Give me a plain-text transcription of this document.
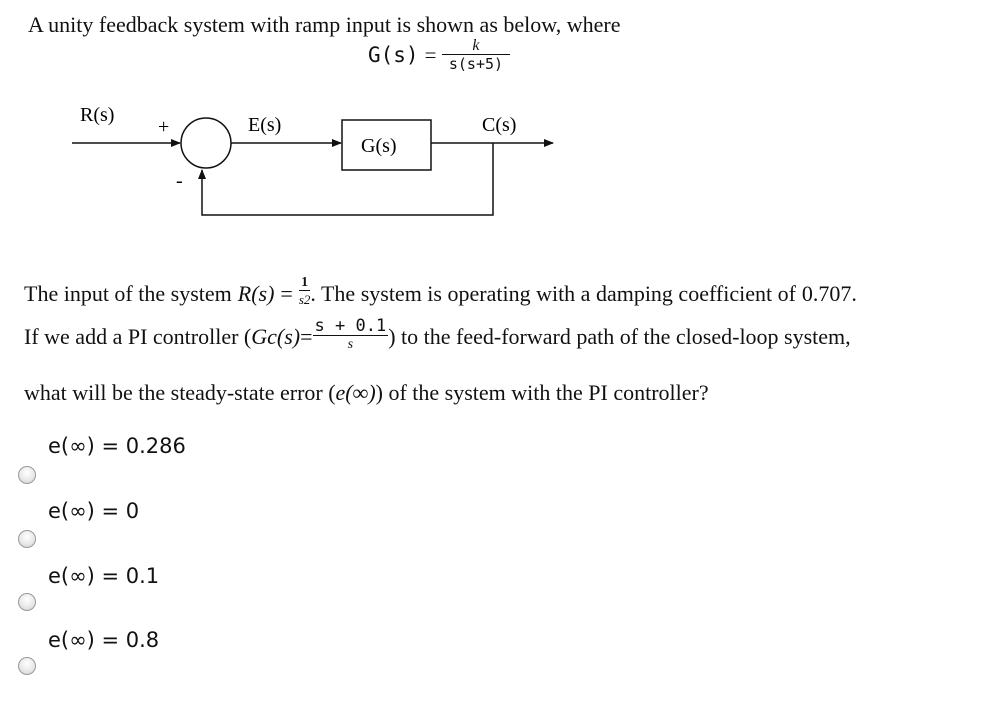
A unity feedback system with ramp input is shown as below, where
$G(s) = \frac{k}{s(s+5)}$
R(s)
+
-
E(s)
G(s)
C(s)
The input of the system $R(s) = \frac{1}{s2}$ . The system is operating with a damping coefficient of 0.707 .
If we add a PI controller ( $Gc(s) = \frac{s + 0.1}{s}$ ) to the feed-forward path of the closed-loop system,
what will be the steady-state error ( e(∞) ) of the system with the PI controller?
e(∞) = 0.286
e(∞) = 0
e(∞) = 0.1
e(∞) = 0.8
